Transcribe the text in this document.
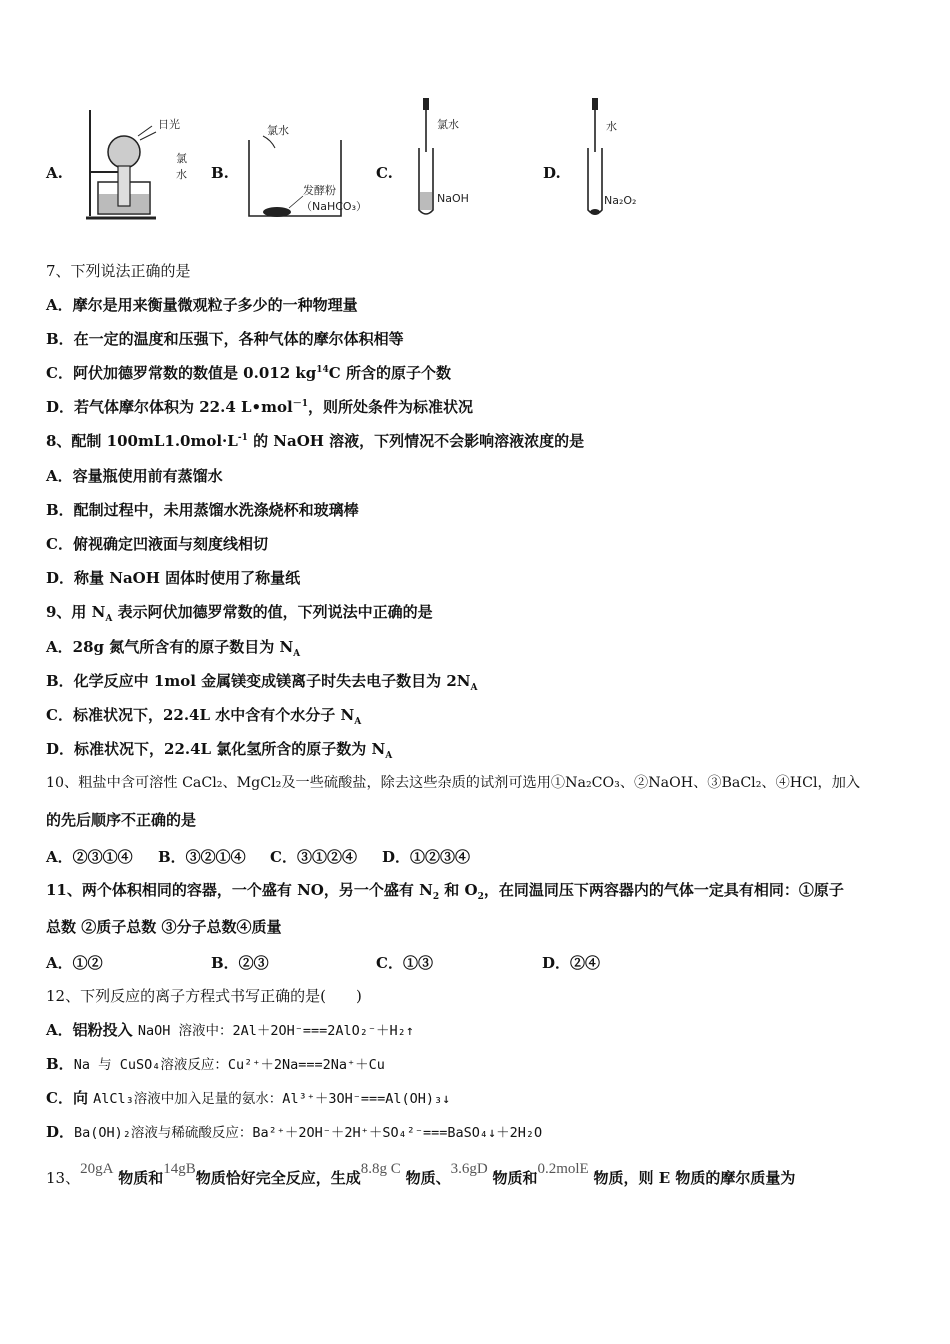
A.
日光
氯
水 B.
氯水
发酵粉
（NaHCO₃）
C.
氯水
NaOH
D.
水
Na₂O₂
7、下列说法正确的是
A．摩尔是用来衡量微观粒子多少的一种物理量
B．在一定的温度和压强下，各种气体的摩尔体积相等
C．阿伏加德罗常数的数值是 0.012 $kg^{14}C$ 所含的原子个数
D．若气体摩尔体积为 22.4 L•mol$^{-1}$，则所处条件为标准状况
8、配制 $100mL1.0mol\cdot L^{-1}$ 的 NaOH 溶液，下列情况不会影响溶液浓度的是
A．容量瓶使用前有蒸馏水
B．配制过程中，未用蒸馏水洗涤烧杯和玻璃棒
C．俯视确定凹液面与刻度线相切
D．称量 NaOH 固体时使用了称量纸
9、用 $N_A$ 表示阿伏加德罗常数的值，下列说法中正确的是
A．28g 氮气所含有的原子数目为 $N_A$
B．化学反应中 1mol 金属镁变成镁离子时失去电子数目为 $2N_A$
C．标准状况下，22.4L 水中含有个水分子 $N_A$
D．标准状况下，22.4L 氯化氢所含的原子数为 $N_A$
10、粗盐中含可溶性 CaCl₂、MgCl₂及一些硫酸盐，除去这些杂质的试剂可选用①Na₂CO₃、②NaOH、③BaCl₂、④HCl，加入
的先后顺序不正确的是
A．②③①④ B．③②①④ C．③①②④ D．①②③④
11、两个体积相同的容器，一个盛有 NO，另一个盛有 $N_2$ 和 $O_2$，在同温同压下两容器内的气体一定具有相同：①原子
总数 ②质子总数 ③分子总数④质量
A．①②	B．②③	C．①③	D．②④
12、下列反应的离子方程式书写正确的是(　　)
A．铝粉投入 NaOH 溶液中：2Al＋2OH⁻===2AlO₂⁻＋H₂↑
B．Na 与 CuSO₄溶液反应：Cu²⁺＋2Na===2Na⁺＋Cu
C．向 AlCl₃溶液中加入足量的氨水：Al³⁺＋3OH⁻===Al(OH)₃↓
D．Ba(OH)₂溶液与稀硫酸反应：Ba²⁺＋2OH⁻＋2H⁺＋SO₄²⁻===BaSO₄↓＋2H₂O
13、20gA 物质和14gB物质恰好完全反应，生成8.8g C 物质、3.6gD 物质和0.2molE 物质，则 E 物质的摩尔质量为
